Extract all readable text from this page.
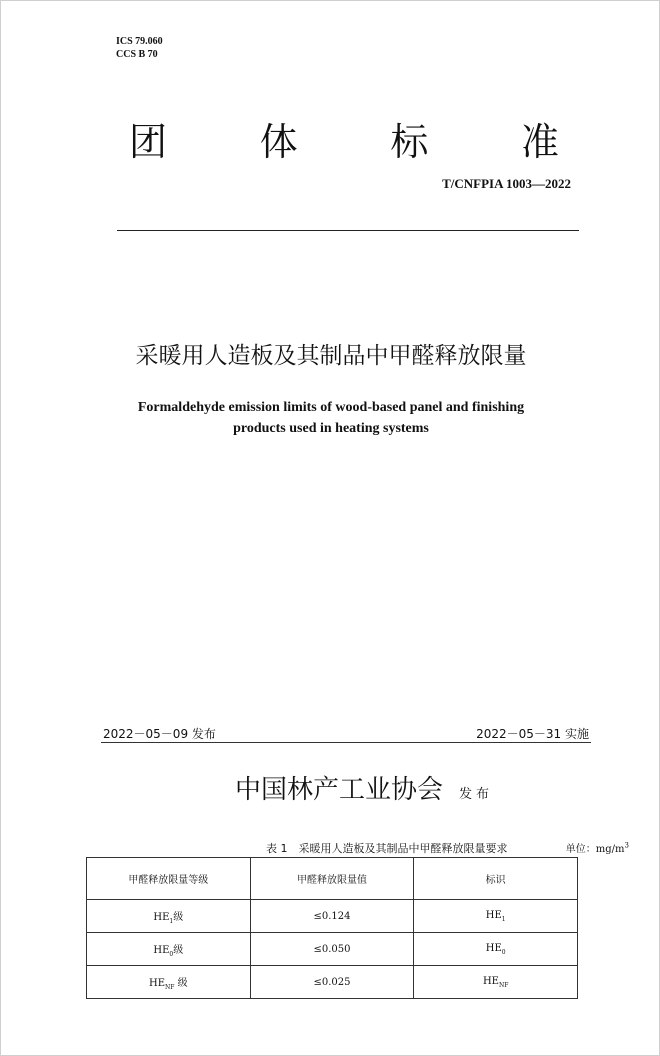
ICS 79.060
CCS B 70
团 体 标 准
T/CNFPIA 1003—2022
采暖用人造板及其制品中甲醛释放限量
Formaldehyde emission limits of wood-based panel and finishing
products used in heating systems
2022－05－09 发布	2022－05－31 实施
中国林产工业协会 发布
表 1　采暖用人造板及其制品中甲醛释放限量要求	单位：$mg/m^3$
甲醛释放限量等级	甲醛释放限量值	标识
$HE_1$级	≤0.124	$HE_1$
$HE_0$级	≤0.050	$HE_0$
$HE_{NF}$ 级	≤0.025	$HE_{NF}$
